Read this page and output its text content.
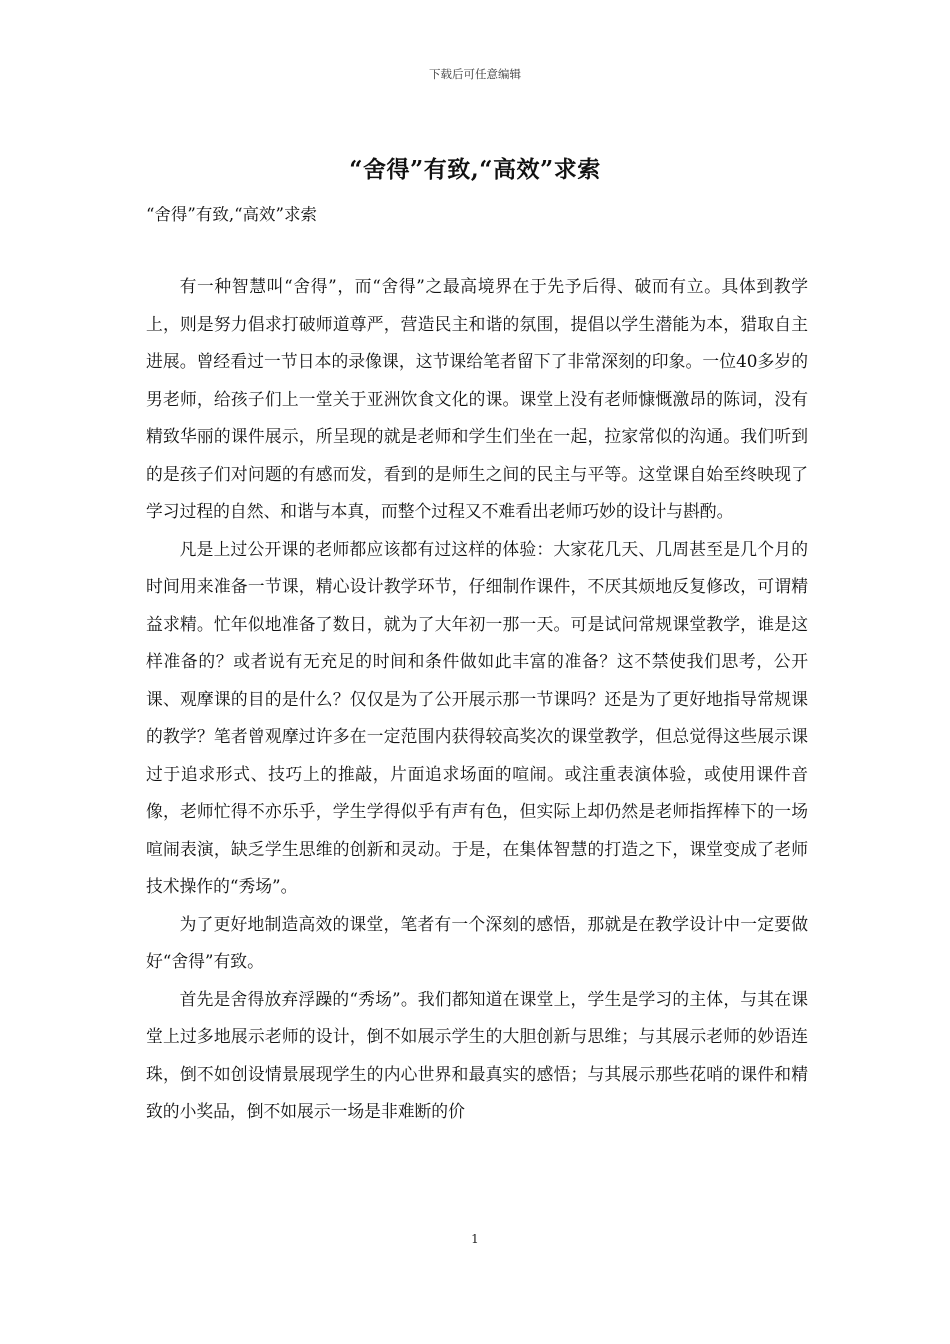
下载后可任意编辑
“舍得”有致,“高效”求索
“舍得”有致,“高效”求索

有一种智慧叫“舍得”，而“舍得”之最高境界在于先予后得、破而有立。具体到教学上，则是努力倡求打破师道尊严，营造民主和谐的氛围，提倡以学生潜能为本，猎取自主进展。曾经看过一节日本的录像课，这节课给笔者留下了非常深刻的印象。一位40多岁的男老师，给孩子们上一堂关于亚洲饮食文化的课。课堂上没有老师慷慨激昂的陈词，没有精致华丽的课件展示，所呈现的就是老师和学生们坐在一起，拉家常似的沟通。我们听到的是孩子们对问题的有感而发，看到的是师生之间的民主与平等。这堂课自始至终映现了学习过程的自然、和谐与本真，而整个过程又不难看出老师巧妙的设计与斟酌。

凡是上过公开课的老师都应该都有过这样的体验：大家花几天、几周甚至是几个月的时间用来准备一节课，精心设计教学环节，仔细制作课件，不厌其烦地反复修改，可谓精益求精。忙年似地准备了数日，就为了大年初一那一天。可是试问常规课堂教学，谁是这样准备的？或者说有无充足的时间和条件做如此丰富的准备？这不禁使我们思考，公开课、观摩课的目的是什么？仅仅是为了公开展示那一节课吗？还是为了更好地指导常规课的教学？笔者曾观摩过许多在一定范围内获得较高奖次的课堂教学，但总觉得这些展示课过于追求形式、技巧上的推敲，片面追求场面的喧闹。或注重表演体验，或使用课件音像，老师忙得不亦乐乎，学生学得似乎有声有色，但实际上却仍然是老师指挥棒下的一场喧闹表演，缺乏学生思维的创新和灵动。于是，在集体智慧的打造之下，课堂变成了老师技术操作的“秀场”。

为了更好地制造高效的课堂，笔者有一个深刻的感悟，那就是在教学设计中一定要做好“舍得”有致。

首先是舍得放弃浮躁的“秀场”。我们都知道在课堂上，学生是学习的主体，与其在课堂上过多地展示老师的设计，倒不如展示学生的大胆创新与思维；与其展示老师的妙语连珠，倒不如创设情景展现学生的内心世界和最真实的感悟；与其展示那些花哨的课件和精致的小奖品，倒不如展示一场是非难断的价

1
